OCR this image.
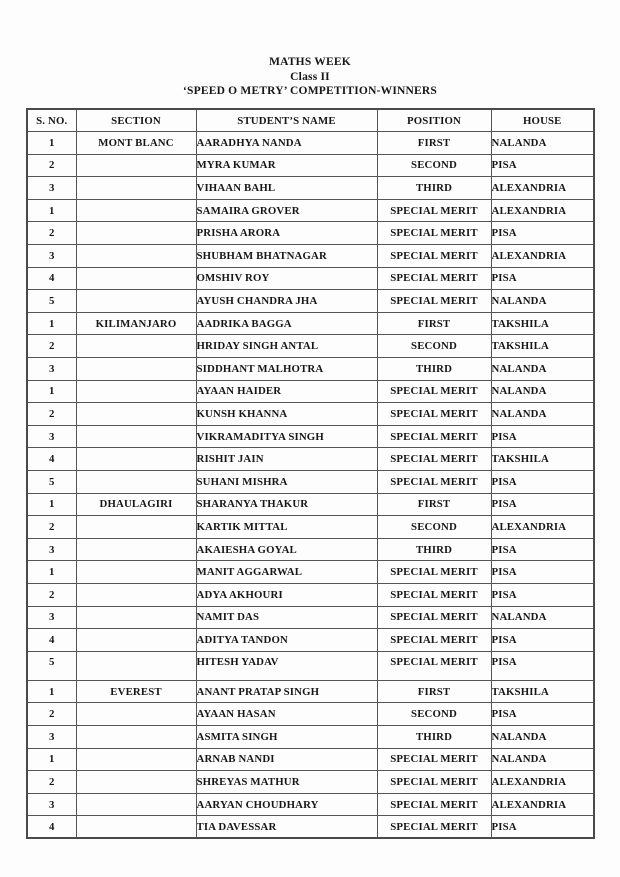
MATHS WEEK
Class II
‘SPEED O METRY’ COMPETITION-WINNERS
S. NO.	SECTION	STUDENT’S NAME	POSITION	HOUSE
1	MONT BLANC	AARADHYA NANDA	FIRST	NALANDA
2		MYRA KUMAR	SECOND	PISA
3		VIHAAN BAHL	THIRD	ALEXANDRIA
1		SAMAIRA GROVER	SPECIAL MERIT	ALEXANDRIA
2		PRISHA ARORA	SPECIAL MERIT	PISA
3		SHUBHAM BHATNAGAR	SPECIAL MERIT	ALEXANDRIA
4		OMSHIV ROY	SPECIAL MERIT	PISA
5		AYUSH CHANDRA JHA	SPECIAL MERIT	NALANDA
1	KILIMANJARO	AADRIKA BAGGA	FIRST	TAKSHILA
2		HRIDAY SINGH ANTAL	SECOND	TAKSHILA
3		SIDDHANT MALHOTRA	THIRD	NALANDA
1		AYAAN HAIDER	SPECIAL MERIT	NALANDA
2		KUNSH KHANNA	SPECIAL MERIT	NALANDA
3		VIKRAMADITYA SINGH	SPECIAL MERIT	PISA
4		RISHIT JAIN	SPECIAL MERIT	TAKSHILA
5		SUHANI MISHRA	SPECIAL MERIT	PISA
1	DHAULAGIRI	SHARANYA THAKUR	FIRST	PISA
2		KARTIK MITTAL	SECOND	ALEXANDRIA
3		AKAIESHA GOYAL	THIRD	PISA
1		MANIT AGGARWAL	SPECIAL MERIT	PISA
2		ADYA AKHOURI	SPECIAL MERIT	PISA
3		NAMIT DAS	SPECIAL MERIT	NALANDA
4		ADITYA TANDON	SPECIAL MERIT	PISA
5		HITESH YADAV	SPECIAL MERIT	PISA
1	EVEREST	ANANT PRATAP SINGH	FIRST	TAKSHILA
2		AYAAN HASAN	SECOND	PISA
3		ASMITA SINGH	THIRD	NALANDA
1		ARNAB NANDI	SPECIAL MERIT	NALANDA
2		SHREYAS MATHUR	SPECIAL MERIT	ALEXANDRIA
3		AARYAN CHOUDHARY	SPECIAL MERIT	ALEXANDRIA
4		TIA DAVESSAR	SPECIAL MERIT	PISA
